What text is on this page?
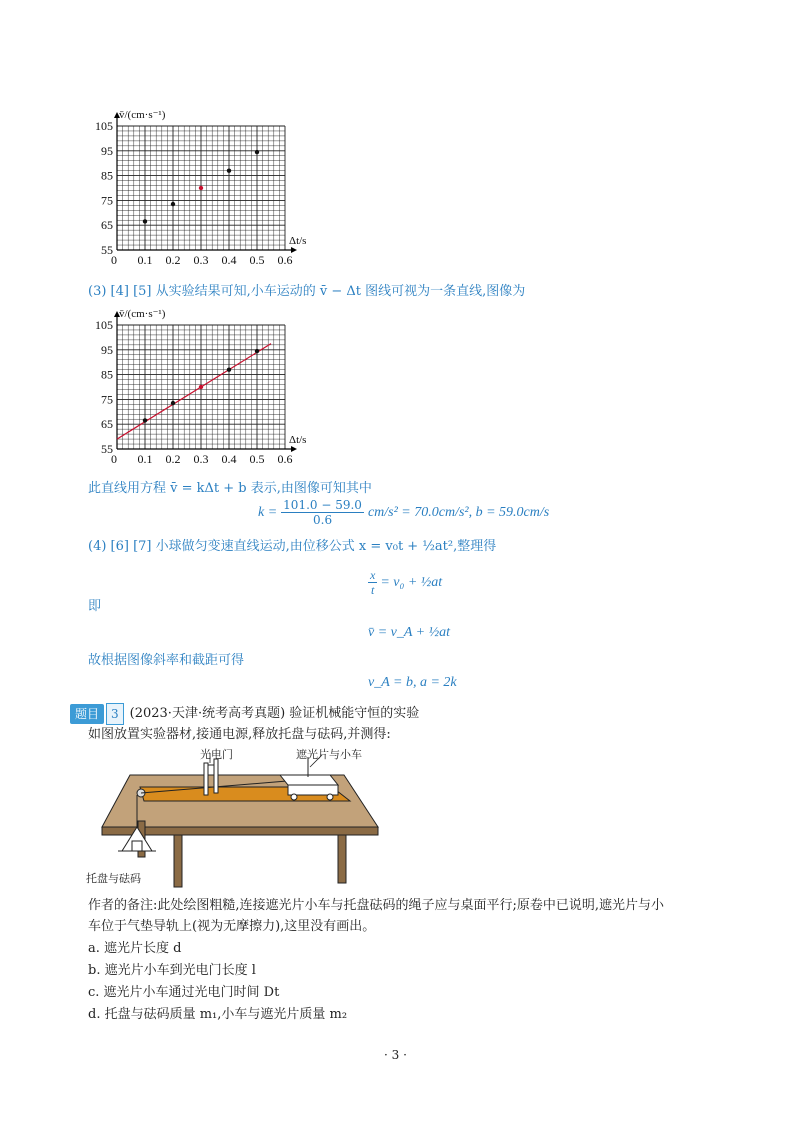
0 0.1 0.2 0.3 0.4 0.5 0.6
55
65
75
85
95
105
v̄/(cm·s⁻¹)
Δt/s
(3) [4] [5] 从实验结果可知,小车运动的 v̄ − Δt 图线可视为一条直线,图像为
0 0.1 0.2 0.3 0.4 0.5 0.6
55
65
75
85
95
105
v̄/(cm·s⁻¹)
Δt/s
此直线用方程 v̄ = kΔt + b 表示,由图像可知其中
$k = \frac{101.0 - 59.0}{0.6} cm/s^2 = 70.0cm/s^2$, b = 59.0cm/s
(4) [6] [7] 小球做匀变速直线运动,由位移公式 x = v₀t + ½at²,整理得
$\frac{x}{t} = v_0$ + ½at
即
v̄ = v_A + ½at
故根据图像斜率和截距可得
v_A = b, a = 2k
题目	3 (2023·天津·统考高考真题) 验证机械能守恒的实验
如图放置实验器材,接通电源,释放托盘与砝码,并测得:
光电门	遮光片与小车
托盘与砝码
作者的备注:此处绘图粗糙,连接遮光片小车与托盘砝码的绳子应与桌面平行;原卷中已说明,遮光片与小
车位于气垫导轨上(视为无摩擦力),这里没有画出。
a. 遮光片长度 d
b. 遮光片小车到光电门长度 l
c. 遮光片小车通过光电门时间 Dt
d. 托盘与砝码质量 m₁,小车与遮光片质量 m₂
· 3 ·
